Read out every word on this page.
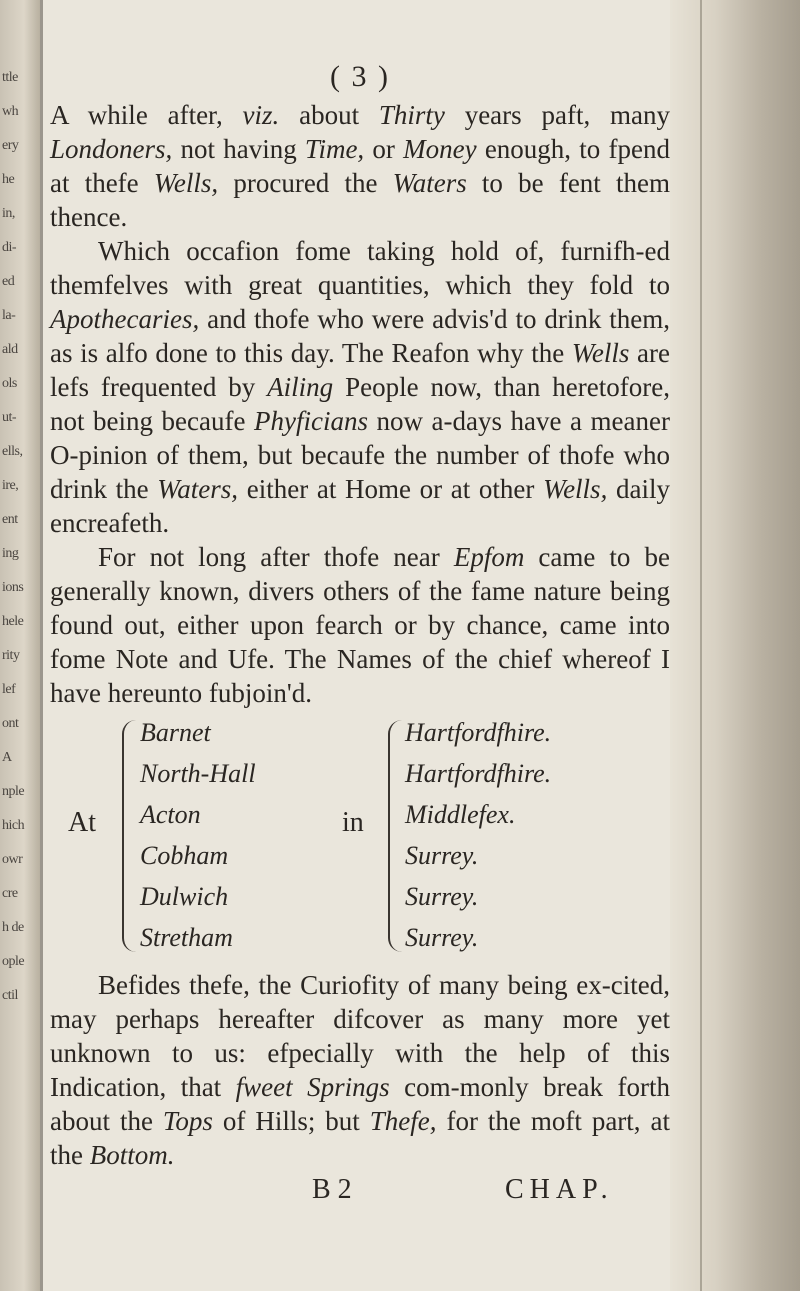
ttle
wh
ery
he
in,
di-
ed
la-
ald
ols
ut-
ells,
ire,
ent
ing
ions
hele
rity
lef
ont
A
nple
hich
owr
cre
h de
ople
ctil
( 3 )

A while after, viz. about Thirty years paft, many Londoners, not having Time, or Money enough, to fpend at thefe Wells, procured the Waters to be fent them thence.

Which occafion fome taking hold of, furnifh-ed themfelves with great quantities, which they fold to Apothecaries, and thofe who were advis'd to drink them, as is alfo done to this day. The Reafon why the Wells are lefs frequented by Ailing People now, than heretofore, not being becaufe Phyficians now a-days have a meaner O-pinion of them, but becaufe the number of thofe who drink the Waters, either at Home or at other Wells, daily encreafeth.

For not long after thofe near Epfom came to be generally known, divers others of the fame nature being found out, either upon fearch or by chance, came into fome Note and Ufe. The Names of the chief whereof I have hereunto fubjoin'd.

At
Barnet
North-Hall
Acton
Cobham
Dulwich
Stretham
in
Hartfordfhire.
Hartfordfhire.
Middlefex.
Surrey.
Surrey.
Surrey.

Befides thefe, the Curiofity of many being ex-cited, may perhaps hereafter difcover as many more yet unknown to us: efpecially with the help of this Indication, that fweet Springs com-monly break forth about the Tops of Hills; but Thefe, for the moft part, at the Bottom.

B 2	CHAP.
